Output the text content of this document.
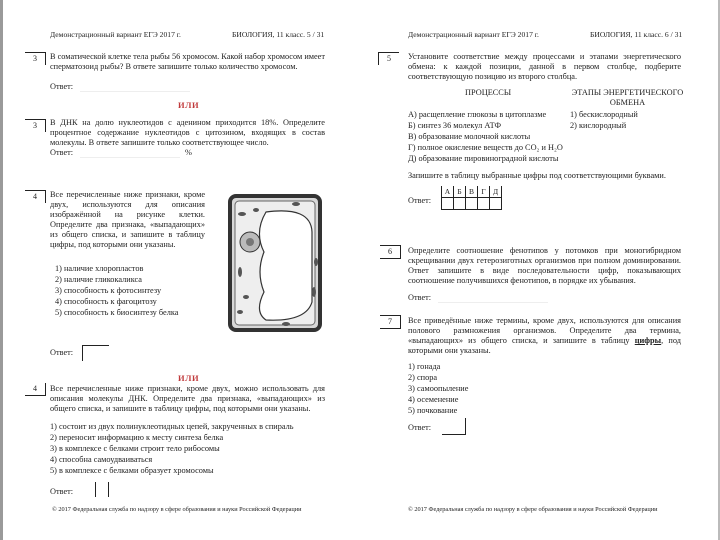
Демонстрационный вариант ЕГЭ 2017 г.	БИОЛОГИЯ, 11 класс. 5 / 31
3	В соматической клетке тела рыбы 56 хромосом. Какой набор хромосом имеет сперматозоид рыбы? В ответе запишите только количество хромосом.
Ответ:
ИЛИ
3	В ДНК на долю нуклеотидов с аденином приходится 18%. Определите процентное содержание нуклеотидов с цитозином, входящих в состав молекулы. В ответе запишите только соответствующее число.
Ответ:	%
4	Все перечисленные ниже признаки, кроме двух, используются для описания изображённой на рисунке клетки. Определите два признака, «выпадающих» из общего списка, и запишите в таблицу цифры, под которыми они указаны.
1) наличие хлоропластов
2) наличие гликокаликса
3) способность к фотосинтезу
4) способность к фагоцитозу
5) способность к биосинтезу белка
Ответ:
ИЛИ
4	Все перечисленные ниже признаки, кроме двух, можно использовать для описания молекулы ДНК. Определите два признака, «выпадающих» из общего списка, и запишите в таблицу цифры, под которыми они указаны.
1) состоит из двух полинуклеотидных цепей, закрученных в спираль
2) переносит информацию к месту синтеза белка
3) в комплексе с белками строит тело рибосомы
4) способна самоудваиваться
5) в комплексе с белками образует хромосомы
Ответ:
© 2017 Федеральная служба по надзору в сфере образования и науки Российской Федерации
Демонстрационный вариант ЕГЭ 2017 г.	БИОЛОГИЯ, 11 класс. 6 / 31
5	Установите соответствие между процессами и этапами энергетического обмена: к каждой позиции, данной в первом столбце, подберите соответствующую позицию из второго столбца.
ПРОЦЕССЫ	ЭТАПЫ ЭНЕРГЕТИЧЕСКОГО ОБМЕНА
А) расщепление глюкозы в цитоплазме
Б) синтез 36 молекул АТФ
В) образование молочной кислоты
Г) полное окисление веществ до CO₂ и H₂O
Д) образование пировиноградной кислоты
1) бескислородный
2) кислородный
Запишите в таблицу выбранные цифры под соответствующими буквами.
Ответ:
А	Б	В	Г	Д

6	Определите соотношение фенотипов у потомков при моногибридном скрещивании двух гетерозиготных организмов при полном доминировании. Ответ запишите в виде последовательности цифр, показывающих соотношение получившихся фенотипов, в порядке их убывания.
Ответ:
7	Все приведённые ниже термины, кроме двух, используются для описания полового размножения организмов. Определите два термина, «выпадающих» из общего списка, и запишите в таблицу цифры, под которыми они указаны.
1) гонада
2) спора
3) самоопыление
4) осеменение
5) почкование
Ответ:
© 2017 Федеральная служба по надзору в сфере образования и науки Российской Федерации
